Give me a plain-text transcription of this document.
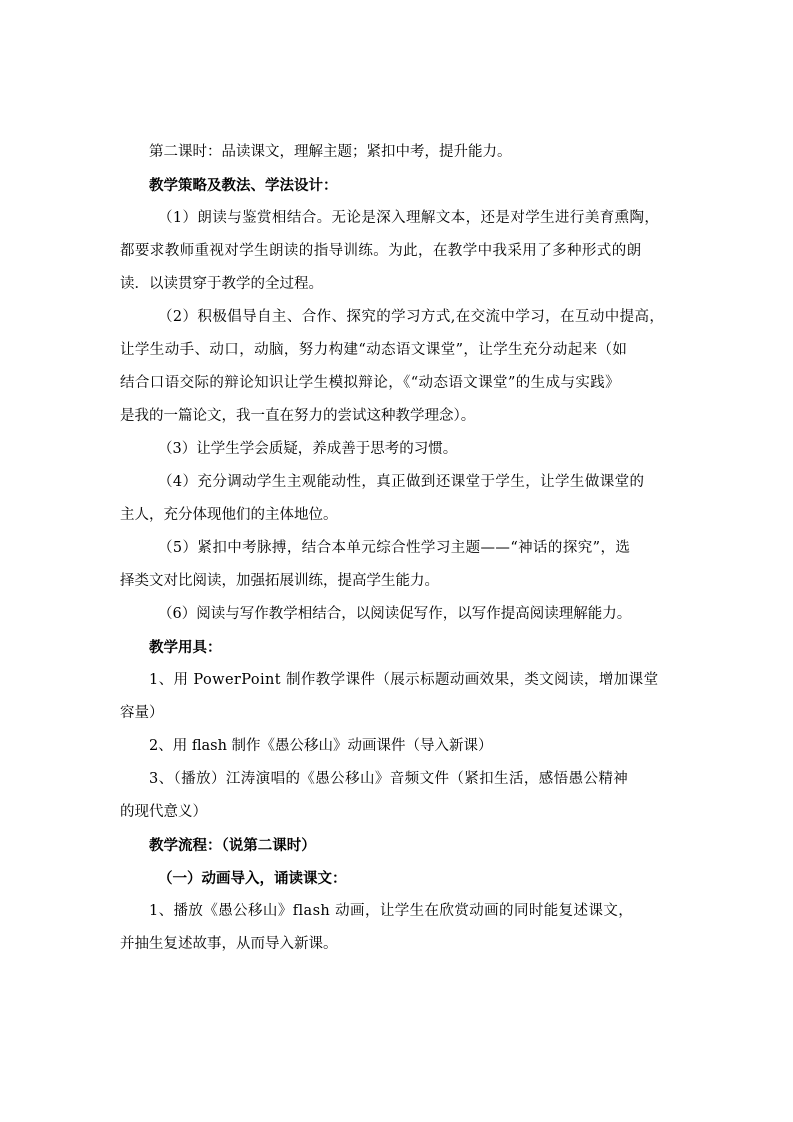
第二课时：品读课文，理解主题；紧扣中考，提升能力。
教学策略及教法、学法设计：
（1）朗读与鉴赏相结合。无论是深入理解文本，还是对学生进行美育熏陶，
都要求教师重视对学生朗读的指导训练。为此，在教学中我采用了多种形式的朗
读．以读贯穿于教学的全过程。
（2）积极倡导自主、合作、探究的学习方式,在交流中学习，在互动中提高，
让学生动手、动口，动脑，努力构建“动态语文课堂”，让学生充分动起来（如
结合口语交际的辩论知识让学生模拟辩论，《“动态语文课堂”的生成与实践》
是我的一篇论文，我一直在努力的尝试这种教学理念）。
（3）让学生学会质疑，养成善于思考的习惯。
（4）充分调动学生主观能动性，真正做到还课堂于学生，让学生做课堂的
主人，充分体现他们的主体地位。
（5）紧扣中考脉搏，结合本单元综合性学习主题——“神话的探究”，选
择类文对比阅读，加强拓展训练，提高学生能力。
（6）阅读与写作教学相结合，以阅读促写作，以写作提高阅读理解能力。
教学用具：
1、用 PowerPoint 制作教学课件（展示标题动画效果，类文阅读，增加课堂
容量）
2、用 flash 制作《愚公移山》动画课件（导入新课）
3、（播放）江涛演唱的《愚公移山》音频文件（紧扣生活，感悟愚公精神
的现代意义）
教学流程：（说第二课时）
（一）动画导入，诵读课文：
1、播放《愚公移山》flash 动画，让学生在欣赏动画的同时能复述课文，
并抽生复述故事，从而导入新课。
